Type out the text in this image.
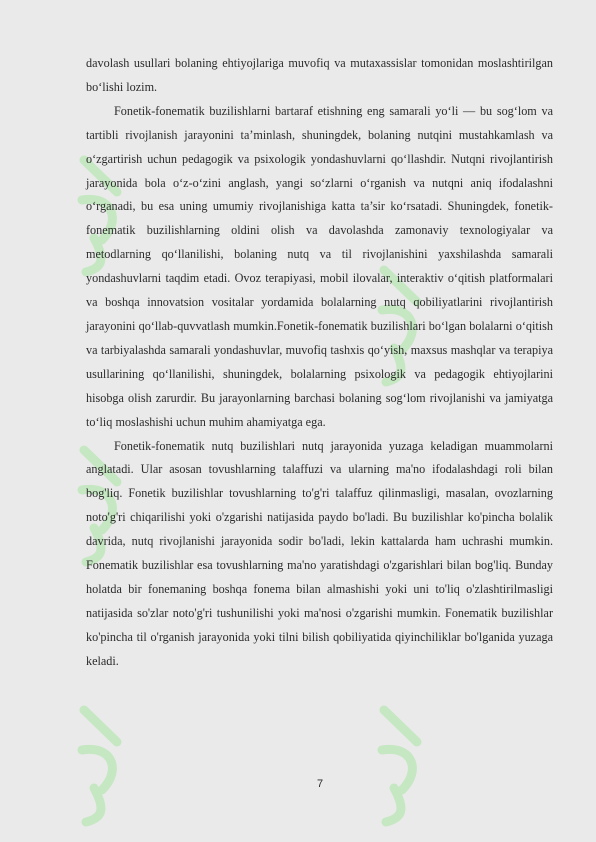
davolash usullari bolaning ehtiyojlariga muvofiq va mutaxassislar tomonidan moslashtirilgan bo‘lishi lozim.

Fonetik-fonematik buzilishlarni bartaraf etishning eng samarali yo‘li — bu sog‘lom va tartibli rivojlanish jarayonini ta’minlash, shuningdek, bolaning nutqini mustahkamlash va o‘zgartirish uchun pedagogik va psixologik yondashuvlarni qo‘llashdir. Nutqni rivojlantirish jarayonida bola o‘z-o‘zini anglash, yangi so‘zlarni o‘rganish va nutqni aniq ifodalashni o‘rganadi, bu esa uning umumiy rivojlanishiga katta ta’sir ko‘rsatadi. Shuningdek, fonetik-fonematik buzilishlarning oldini olish va davolashda zamonaviy texnologiyalar va metodlarning qo‘llanilishi, bolaning nutq va til rivojlanishini yaxshilashda samarali yondashuvlarni taqdim etadi. Ovoz terapiyasi, mobil ilovalar, interaktiv o‘qitish platformalari va boshqa innovatsion vositalar yordamida bolalarning nutq qobiliyatlarini rivojlantirish jarayonini qo‘llab-quvvatlash mumkin.Fonetik-fonematik buzilishlari bo‘lgan bolalarni o‘qitish va tarbiyalashda samarali yondashuvlar, muvofiq tashxis qo‘yish, maxsus mashqlar va terapiya usullarining qo‘llanilishi, shuningdek, bolalarning psixologik va pedagogik ehtiyojlarini hisobga olish zarurdir. Bu jarayonlarning barchasi bolaning sog‘lom rivojlanishi va jamiyatga to‘liq moslashishi uchun muhim ahamiyatga ega.

Fonetik-fonematik nutq buzilishlari nutq jarayonida yuzaga keladigan muammolarni anglatadi. Ular asosan tovushlarning talaffuzi va ularning ma'no ifodalashdagi roli bilan bog'liq. Fonetik buzilishlar tovushlarning to'g'ri talaffuz qilinmasligi, masalan, ovozlarning noto'g'ri chiqarilishi yoki o'zgarishi natijasida paydo bo'ladi. Bu buzilishlar ko'pincha bolalik davrida, nutq rivojlanishi jarayonida sodir bo'ladi, lekin kattalarda ham uchrashi mumkin. Fonematik buzilishlar esa tovushlarning ma'no yaratishdagi o'zgarishlari bilan bog'liq. Bunday holatda bir fonemaning boshqa fonema bilan almashishi yoki uni to'liq o'zlashtirilmasligi natijasida so'zlar noto'g'ri tushunilishi yoki ma'nosi o'zgarishi mumkin. Fonematik buzilishlar ko'pincha til o'rganish jarayonida yoki tilni bilish qobiliyatida qiyinchiliklar bo'lganida yuzaga keladi.

7
